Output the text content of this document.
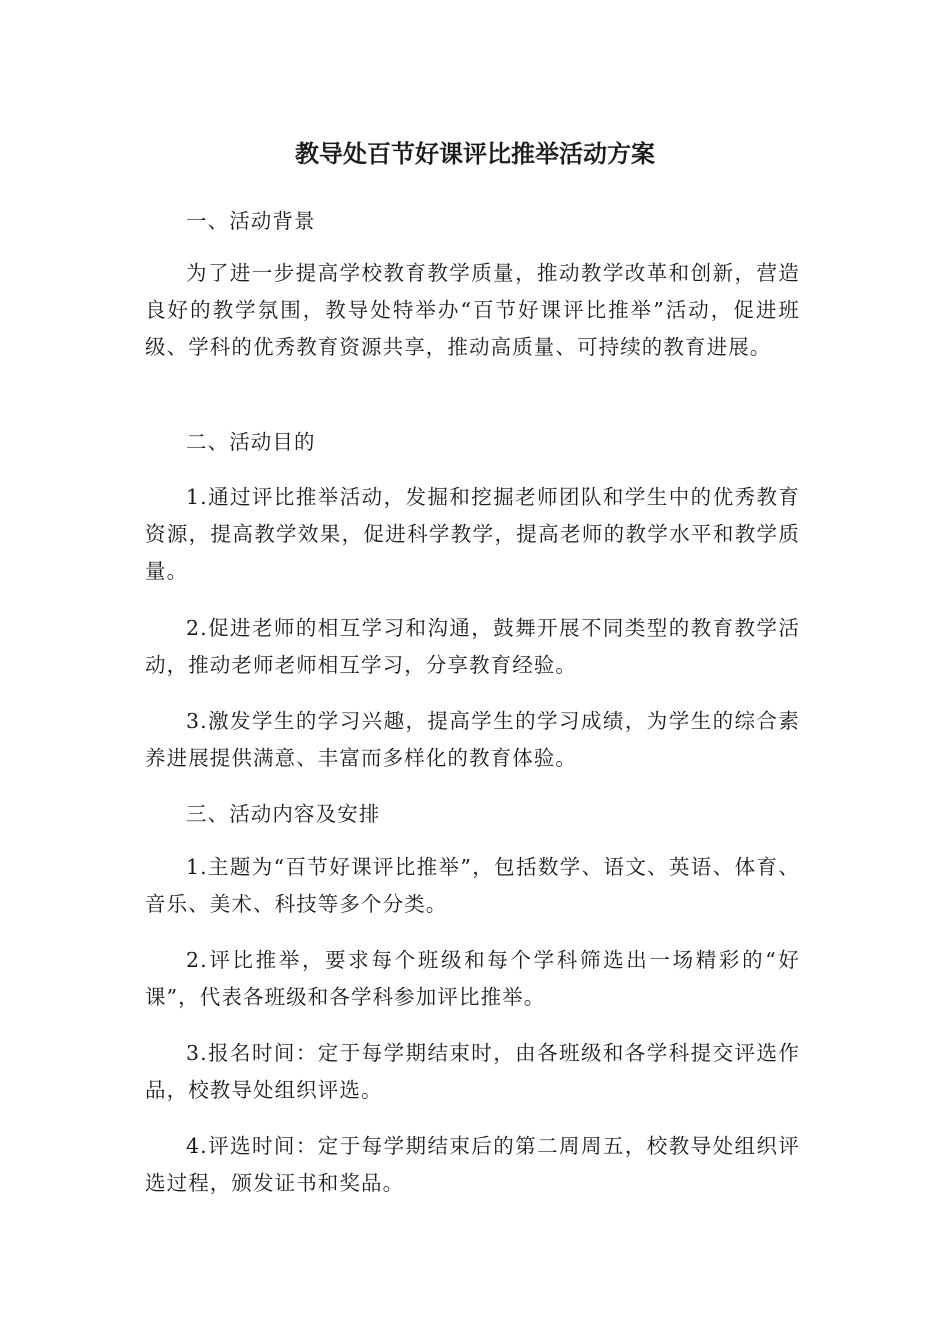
教导处百节好课评比推举活动方案

一、活动背景

为了进一步提高学校教育教学质量，推动教学改革和创新，营造良好的教学氛围，教导处特举办“百节好课评比推举”活动，促进班级、学科的优秀教育资源共享，推动高质量、可持续的教育进展。

二、活动目的

1.通过评比推举活动，发掘和挖掘老师团队和学生中的优秀教育资源，提高教学效果，促进科学教学，提高老师的教学水平和教学质量。

2.促进老师的相互学习和沟通，鼓舞开展不同类型的教育教学活动，推动老师老师相互学习，分享教育经验。

3.激发学生的学习兴趣，提高学生的学习成绩，为学生的综合素养进展提供满意、丰富而多样化的教育体验。

三、活动内容及安排

1.主题为“百节好课评比推举”，包括数学、语文、英语、体育、音乐、美术、科技等多个分类。

2.评比推举，要求每个班级和每个学科筛选出一场精彩的“好课”，代表各班级和各学科参加评比推举。

3.报名时间：定于每学期结束时，由各班级和各学科提交评选作品，校教导处组织评选。

4.评选时间：定于每学期结束后的第二周周五，校教导处组织评选过程，颁发证书和奖品。
